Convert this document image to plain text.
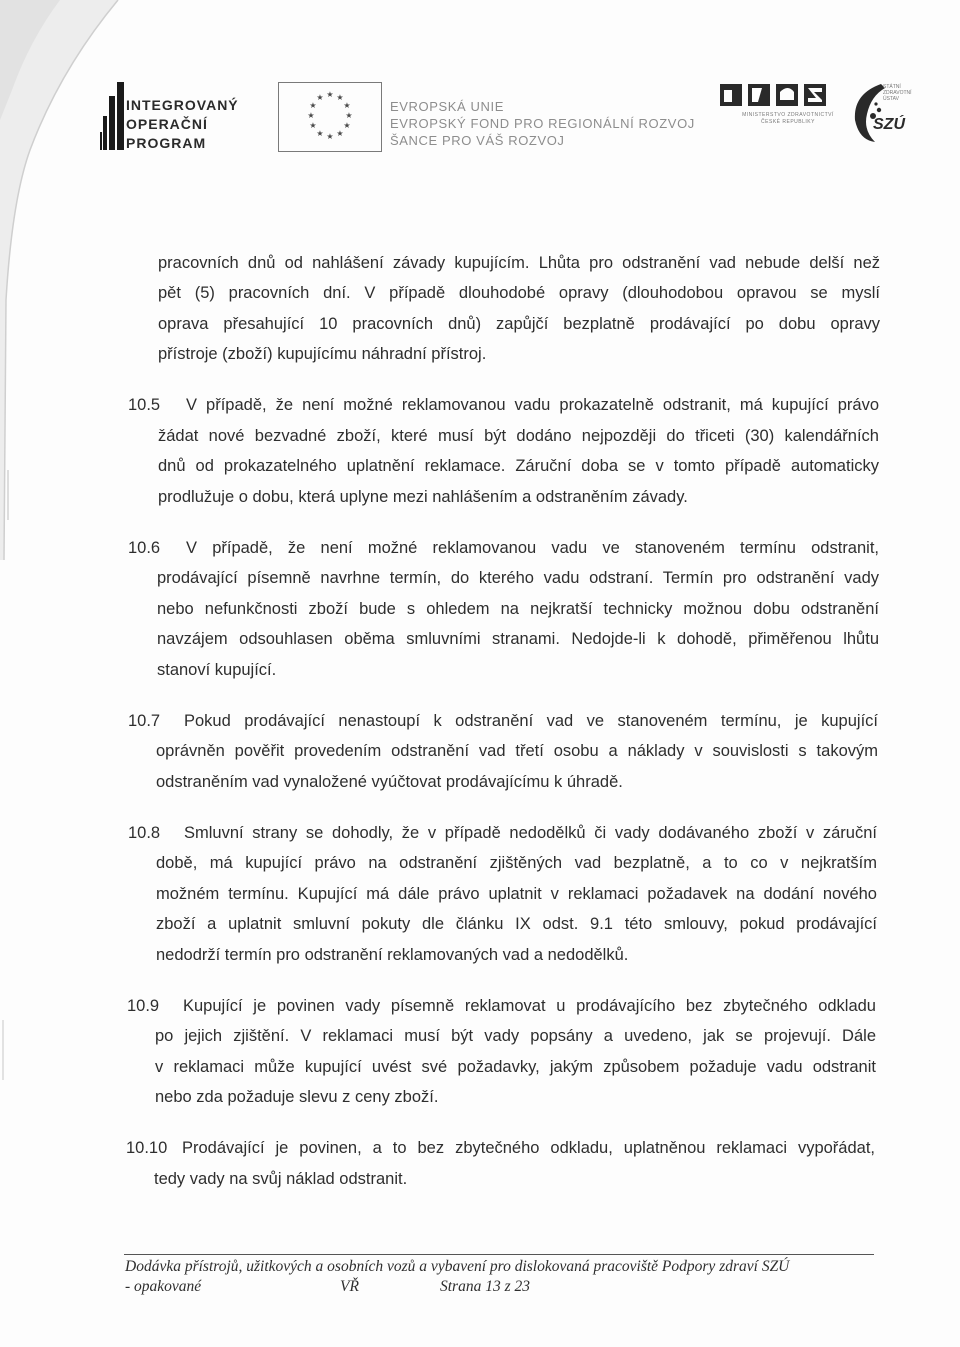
INTEGROVANÝ
OPERAČNÍ
PROGRAM
★ ★
★
★
★
★
★
★
★
★
★
★
EVROPSKÁ UNIE
EVROPSKÝ FOND PRO REGIONÁLNÍ ROZVOJ
ŠANCE PRO VÁŠ ROZVOJ
MINISTERSTVO ZDRAVOTNICTVÍ
ČESKÉ REPUBLIKY
STÁTNÍ
ZDRAVOTNÍ
ÚSTAV
SZÚ
pracovních dnů od nahlášení závady kupujícím. Lhůta pro odstranění vad nebude delší než
pět (5) pracovních dní. V případě dlouhodobé opravy (dlouhodobou opravou se myslí
oprava přesahující 10 pracovních dnů) zapůjčí bezplatně prodávající po dobu opravy
přístroje (zboží) kupujícímu náhradní přístroj.
10.5 V případě, že není možné reklamovanou vadu prokazatelně odstranit, má kupující právo
žádat nové bezvadné zboží, které musí být dodáno nejpozději do třiceti (30) kalendářních
dnů od prokazatelného uplatnění reklamace. Záruční doba se v tomto případě automaticky
prodlužuje o dobu, která uplyne mezi nahlášením a odstraněním závady.
10.6 V případě, že není možné reklamovanou vadu ve stanoveném termínu odstranit,
prodávající písemně navrhne termín, do kterého vadu odstraní. Termín pro odstranění vady
nebo nefunkčnosti zboží bude s ohledem na nejkratší technicky možnou dobu odstranění
navzájem odsouhlasen oběma smluvními stranami. Nedojde-li k dohodě, přiměřenou lhůtu
stanoví kupující.
10.7 Pokud prodávající nenastoupí k odstranění vad ve stanoveném termínu, je kupující
oprávněn pověřit provedením odstranění vad třetí osobu a náklady v souvislosti s takovým
odstraněním vad vynaložené vyúčtovat prodávajícímu k úhradě.
10.8 Smluvní strany se dohodly, že v případě nedodělků či vady dodávaného zboží v záruční
době, má kupující právo na odstranění zjištěných vad bezplatně, a to co v nejkratším
možném termínu. Kupující má dále právo uplatnit v reklamaci požadavek na dodání nového
zboží a uplatnit smluvní pokuty dle článku IX odst. 9.1 této smlouvy, pokud prodávající
nedodrží termín pro odstranění reklamovaných vad a nedodělků.
10.9 Kupující je povinen vady písemně reklamovat u prodávajícího bez zbytečného odkladu
po jejich zjištění. V reklamaci musí být vady popsány a uvedeno, jak se projevují. Dále
v reklamaci může kupující uvést své požadavky, jakým způsobem požaduje vadu odstranit
nebo zda požaduje slevu z ceny zboží.
10.10 Prodávající je povinen, a to bez zbytečného odkladu, uplatněnou reklamaci vypořádat,
tedy vady na svůj náklad odstranit.
Dodávka přístrojů, užitkových a osobních vozů a vybavení pro dislokovaná pracoviště Podpory zdraví SZÚ
- opakované	VŘ	Strana 13 z 23
